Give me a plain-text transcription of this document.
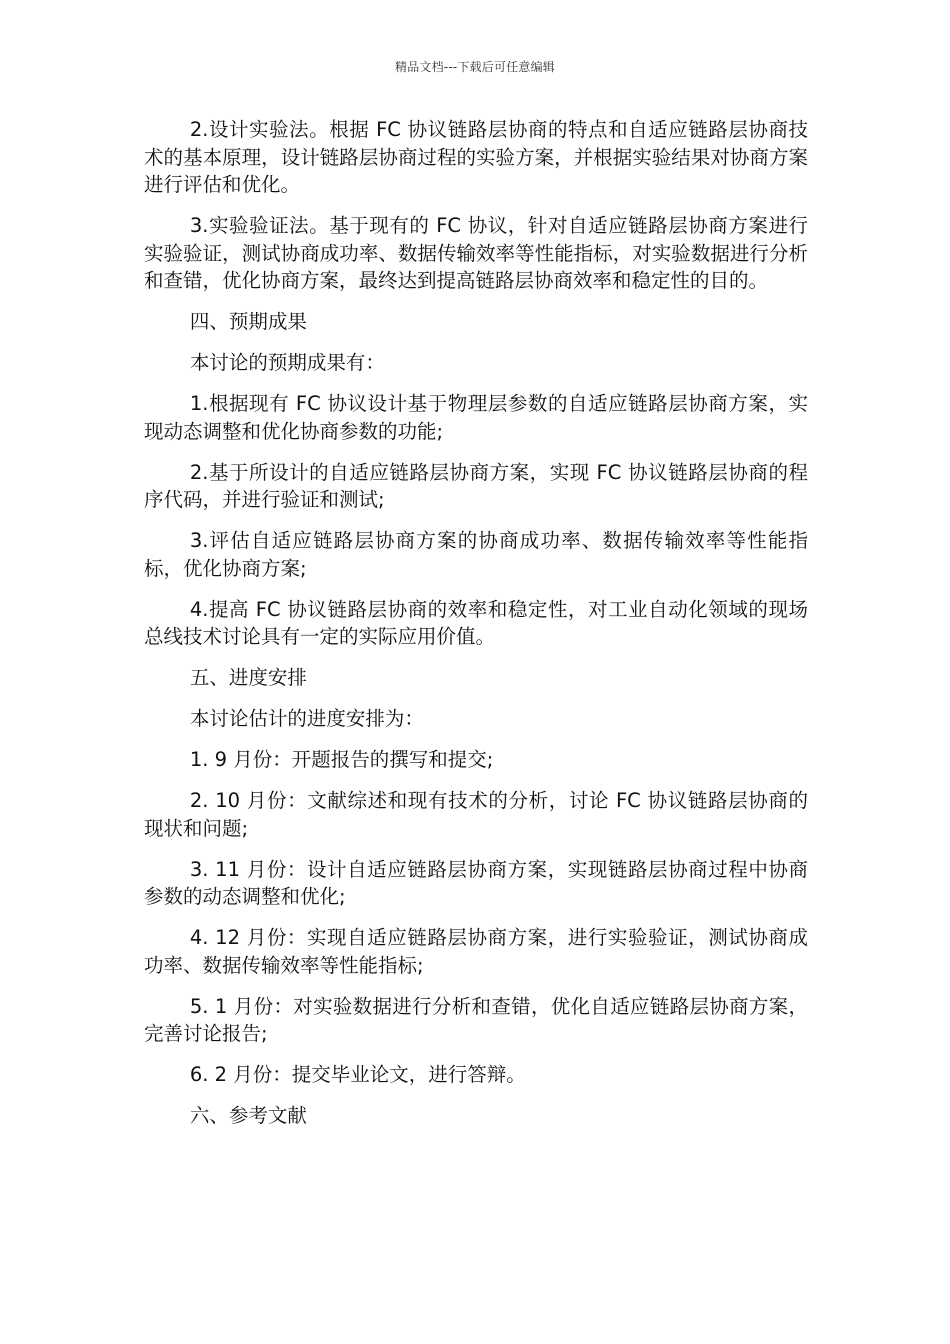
精品文档---下载后可任意编辑

2.设计实验法。根据 FC 协议链路层协商的特点和自适应链路层协商技术的基本原理，设计链路层协商过程的实验方案，并根据实验结果对协商方案进行评估和优化。

3.实验验证法。基于现有的 FC 协议，针对自适应链路层协商方案进行实验验证，测试协商成功率、数据传输效率等性能指标，对实验数据进行分析和查错，优化协商方案，最终达到提高链路层协商效率和稳定性的目的。

四、预期成果

本讨论的预期成果有：

1.根据现有 FC 协议设计基于物理层参数的自适应链路层协商方案，实现动态调整和优化协商参数的功能;

2.基于所设计的自适应链路层协商方案，实现 FC 协议链路层协商的程序代码，并进行验证和测试;

3.评估自适应链路层协商方案的协商成功率、数据传输效率等性能指标，优化协商方案;

4.提高 FC 协议链路层协商的效率和稳定性，对工业自动化领域的现场总线技术讨论具有一定的实际应用价值。

五、进度安排

本讨论估计的进度安排为：

1. 9 月份：开题报告的撰写和提交;

2. 10 月份：文献综述和现有技术的分析，讨论 FC 协议链路层协商的现状和问题;

3. 11 月份：设计自适应链路层协商方案，实现链路层协商过程中协商参数的动态调整和优化;

4. 12 月份：实现自适应链路层协商方案，进行实验验证，测试协商成功率、数据传输效率等性能指标;

5. 1 月份：对实验数据进行分析和查错，优化自适应链路层协商方案，完善讨论报告;

6. 2 月份：提交毕业论文，进行答辩。

六、参考文献
